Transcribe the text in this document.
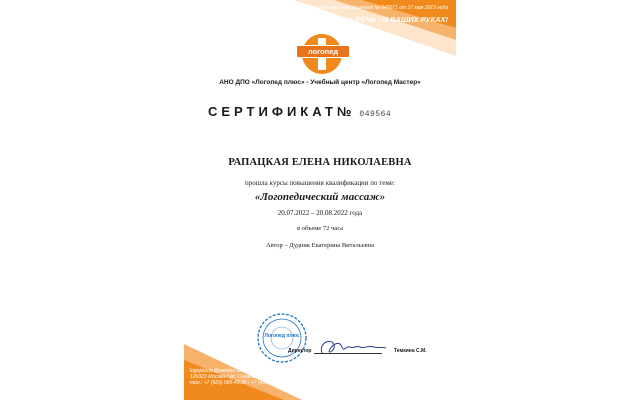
Государственная лицензия № 040071 от 17 мая 2019 года
ВАША РЕЧЬ - В ВАШИХ РУКАХ!
логопед
АНО ДПО «Логопед плюс» - Учебный центр «Логопед Мастер»
СЕРТИФИКАТ№ 049564
РАПАЦКАЯ ЕЛЕНА НИКОЛАЕВНА
прошла курсы повышения квалификации по теме:
«Логопедический массаж»
20.07.2022 – 20.08.2022 года
в объеме 72 часа
Автор – Дудник Екатерина Витальевна
Логопед плюс
Директор	Темкина С.М.
logoplusss@yandex.ru / logopedmaster.ru
129323 Москва / ул. Снежная, д. 16 корп. 5
тел.: +7 (925) 585-49-35 / +7 (495) 656-69-82
